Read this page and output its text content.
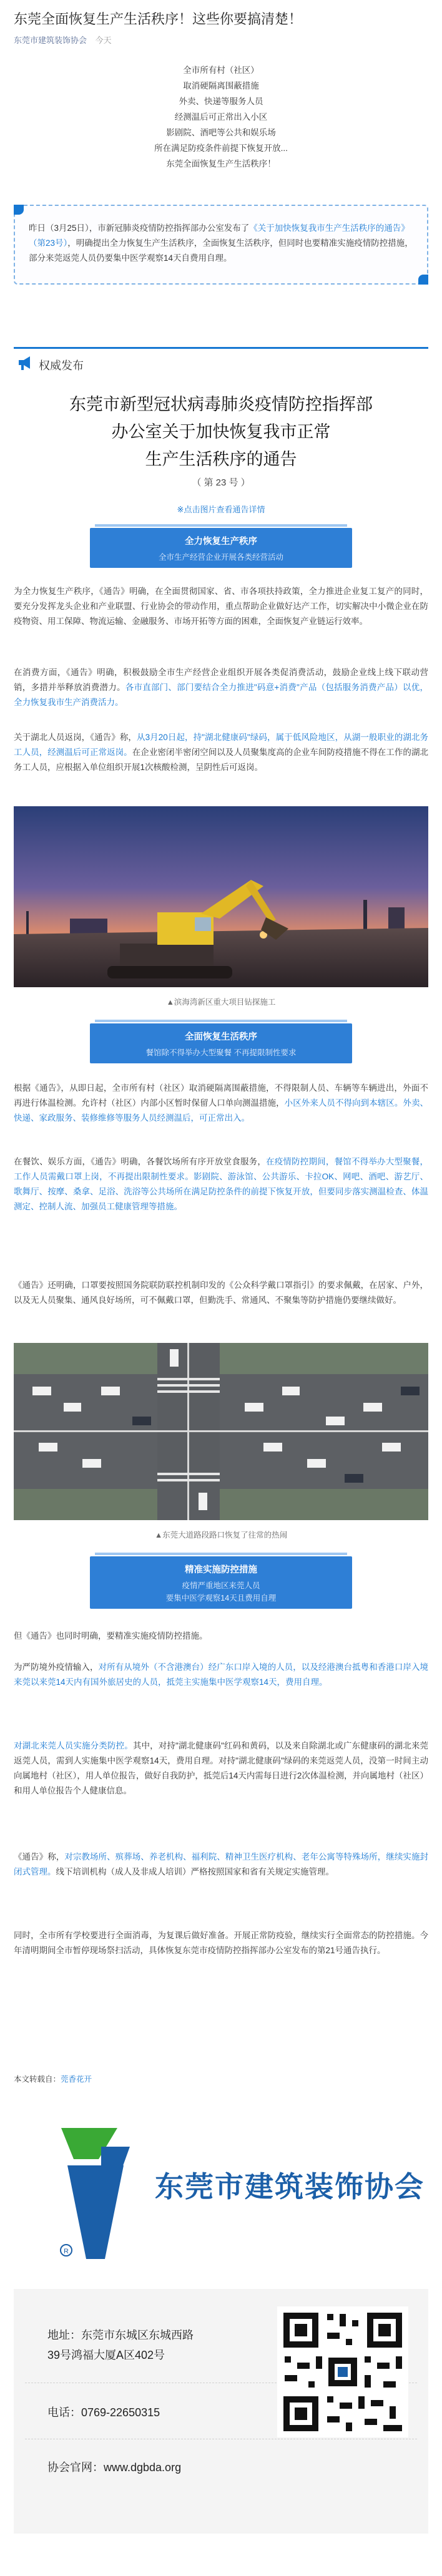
东莞全面恢复生产生活秩序！这些你要搞清楚！
东莞市建筑装饰协会 今天
全市所有村（社区）
取消硬隔离围蔽措施
外卖、快递等服务人员
经测温后可正常出入小区
影剧院、酒吧等公共和娱乐场
所在满足防疫条件前提下恢复开放...
东莞全面恢复生产生活秩序！
昨日（3月25日），市新冠肺炎疫情防控指挥部办公室发布了《关于加快恢复我市生产生活秩序的通告》（第23号），明确提出全力恢复生产生活秩序，全面恢复生活秩序，但同时也要精准实施疫情防控措施，部分来莞返莞人员仍要集中医学观察14天自费用自理。
权威发布
东莞市新型冠状病毒肺炎疫情防控指挥部
办公室关于加快恢复我市正常
生产生活秩序的通告
（ 第 23 号 ）
※点击图片查看通告详情
全力恢复生产秩序
全市生产经营企业开展各类经营活动
为全力恢复生产秩序，《通告》明确，在全面贯彻国家、省、市各项扶持政策，全力推进企业复工复产的同时，要充分发挥龙头企业和产业联盟、行业协会的带动作用，重点帮助企业做好达产工作，切实解决中小微企业在防疫物资、用工保障、物流运输、金融服务、市场开拓等方面的困难，全面恢复产业链运行效率。
在消费方面，《通告》明确，积极鼓励全市生产经营企业组织开展各类促消费活动，鼓励企业线上线下联动营销，多措并举释放消费潜力。各市直部门、部门要结合全力推进"码意+消费"产品（包括服务消费产品）以优，全力恢复我市生产消费活力。
关于湖北人员返岗，《通告》称，从3月20日起，持"湖北健康码"绿码，属于低风险地区，从湖一般职业的湖北务工人员，经测温后可正常返岗。在企业密闭半密闭空间以及人员聚集度高的企业车间防疫措施不得在工作的湖北务工人员，应根据入单位组织开展1次核酸检测，呈阴性后可返岗。
▲滨海湾新区重大项目钻探施工
全面恢复生活秩序
餐馆除不得举办大型聚餐 不再提限制性要求
根据《通告》，从即日起，全市所有村（社区）取消硬隔离围蔽措施，不得限制人员、车辆等车辆进出，外面不再进行体温检测。允许村（社区）内部小区暂时保留人口单向测温措施，小区外来人员不得向到本辖区。外卖、快递、家政服务、装修维修等服务人员经测温后，可正常出入。
在餐饮、娱乐方面，《通告》明确，各餐饮场所有序开放堂食服务，在疫情防控期间，餐馆不得举办大型聚餐，工作人员需戴口罩上岗，不再提出限制性要求。影剧院、游泳馆、公共游乐、卡拉OK、网吧、酒吧、游艺厅、歌舞厅、按摩、桑拿、足浴、洗浴等公共场所在满足防控条件的前提下恢复开放，但要同步落实测温检查、体温测定、控制人流、加强员工健康管理等措施。
《通告》还明确，口罩要按照国务院联防联控机制印发的《公众科学戴口罩指引》的要求佩戴，在居家、户外，以及无人员聚集、通风良好场所，可不佩戴口罩，但勤洗手、常通风、不聚集等防护措施仍要继续做好。
▲东莞大道路段路口恢复了往常的热闹
精准实施防控措施
疫情严重地区来莞人员
要集中医学观察14天且费用自理
但《通告》也同时明确，要精准实施疫情防控措施。
为严防境外疫情输入，对所有从境外（不含港澳台）经广东口岸入境的人员，以及经港澳台抵粤和香港口岸入境来莞以来莞14天内有国外旅居史的人员，抵莞主实施集中医学观察14天，费用自理。
对湖北来莞人员实施分类防控。其中，对持"湖北健康码"红码和黄码，以及来自除湖北或广东健康码的湖北来莞返莞人员，需到人实施集中医学观察14天，费用自理。对持"湖北健康码"绿码的来莞返莞人员，没第一时间主动向属地村（社区），用人单位报告，做好自我防护，抵莞后14天内需每日进行2次体温检测，并向属地村（社区）和用人单位报告个人健康信息。
《通告》称，对宗教场所、殡葬场、养老机构、福利院、精神卫生医疗机构、老年公寓等特殊场所，继续实施封闭式管理。线下培训机构（成人及非成人培训）严格按照国家和省有关规定实施管理。
同时，全市所有学校要进行全面消毒，为复课后做好准备。开展正常防疫验，继续实行全面常态的防控措施。今年清明期间全市暂停现场祭扫活动，具体恢复东莞市疫情防控指挥部办公室发布的第21号通告执行。
本文转载自：莞香花开
R
东莞市建筑装饰协会
地址：东莞市东城区东城西路
39号鸿福大厦A区402号
电话：0769-22650315
协会官网：www.dgbda.org
